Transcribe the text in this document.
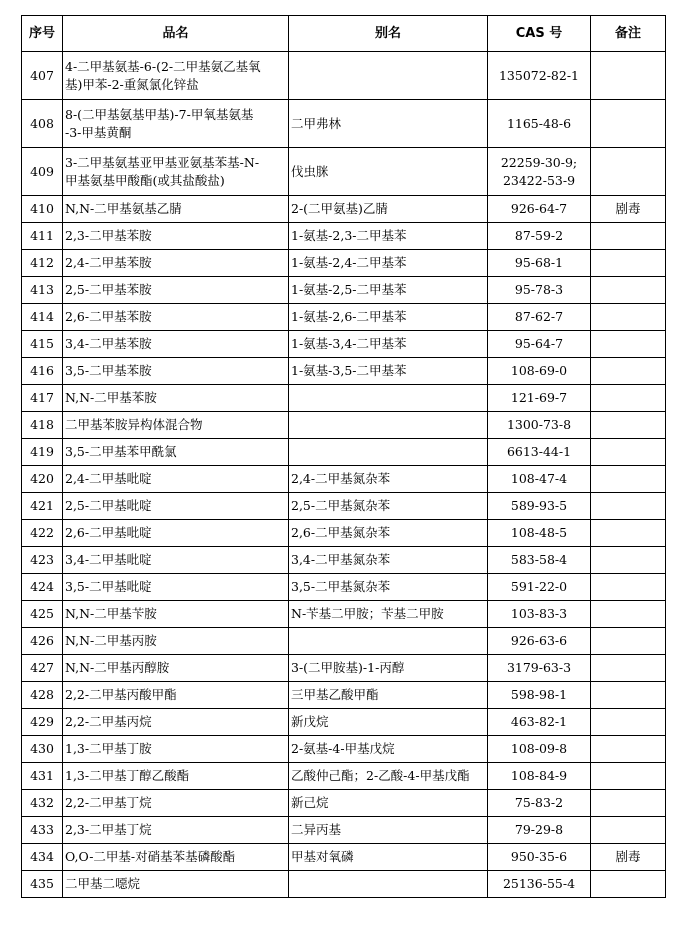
序号	品名	别名	CAS 号	备注
407	4-二甲基氨基-6-(2-二甲基氨乙基氧
基)甲苯-2-重氮氯化锌盐		135072-82-1	

408	8-(二甲基氨基甲基)-7-甲氧基氨基
-3-甲基黄酮	二甲弗林	1165-48-6	

409	3-二甲基氨基亚甲基亚氨基苯基-N-
甲基氨基甲酸酯(或其盐酸盐)	伐虫脒	22259-30-9;
23422-53-9	

410	N,N-二甲基氨基乙腈	2-(二甲氨基)乙腈	926-64-7	剧毒
411	2,3-二甲基苯胺	1-氨基-2,3-二甲基苯	87-59-2	

412	2,4-二甲基苯胺	1-氨基-2,4-二甲基苯	95-68-1	

413	2,5-二甲基苯胺	1-氨基-2,5-二甲基苯	95-78-3	

414	2,6-二甲基苯胺	1-氨基-2,6-二甲基苯	87-62-7	

415	3,4-二甲基苯胺	1-氨基-3,4-二甲基苯	95-64-7	

416	3,5-二甲基苯胺	1-氨基-3,5-二甲基苯	108-69-0	

417	N,N-二甲基苯胺		121-69-7	

418	二甲基苯胺异构体混合物		1300-73-8	

419	3,5-二甲基苯甲酰氯		6613-44-1	

420	2,4-二甲基吡啶	2,4-二甲基氮杂苯	108-47-4	

421	2,5-二甲基吡啶	2,5-二甲基氮杂苯	589-93-5	

422	2,6-二甲基吡啶	2,6-二甲基氮杂苯	108-48-5	

423	3,4-二甲基吡啶	3,4-二甲基氮杂苯	583-58-4	

424	3,5-二甲基吡啶	3,5-二甲基氮杂苯	591-22-0	

425	N,N-二甲基苄胺	N-苄基二甲胺；苄基二甲胺	103-83-3	

426	N,N-二甲基丙胺		926-63-6	

427	N,N-二甲基丙醇胺	3-(二甲胺基)-1-丙醇	3179-63-3	

428	2,2-二甲基丙酸甲酯	三甲基乙酸甲酯	598-98-1	

429	2,2-二甲基丙烷	新戊烷	463-82-1	

430	1,3-二甲基丁胺	2-氨基-4-甲基戊烷	108-09-8	

431	1,3-二甲基丁醇乙酸酯	乙酸仲己酯；2-乙酸-4-甲基戊酯	108-84-9	

432	2,2-二甲基丁烷	新己烷	75-83-2	

433	2,3-二甲基丁烷	二异丙基	79-29-8	

434	O,O-二甲基-对硝基苯基磷酸酯	甲基对氧磷	950-35-6	剧毒
435	二甲基二噁烷		25136-55-4	
